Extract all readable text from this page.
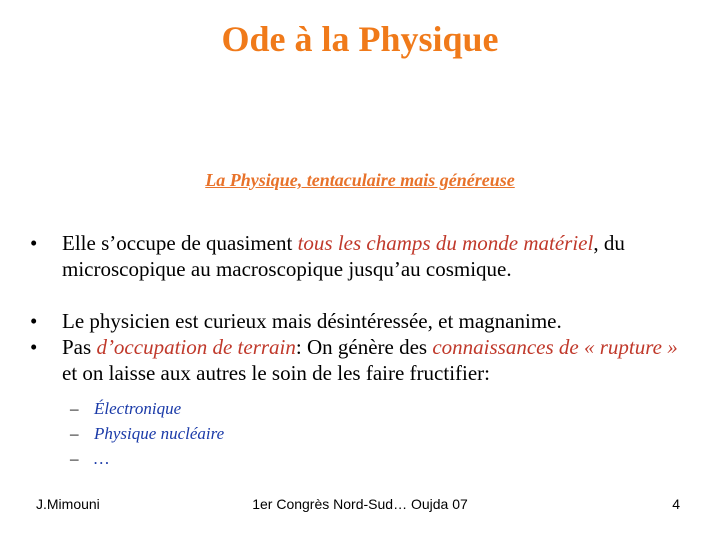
Ode à la Physique
La Physique, tentaculaire mais généreuse
• Elle s’occupe de quasiment tous les champs du monde matériel, du microscopique au macroscopique jusqu’au cosmique.
• Le physicien est curieux mais désintéressée, et magnanime.
• Pas d’occupation de terrain: On génère des connaissances de « rupture » et on laisse aux autres le soin de les faire fructifier:
– Électronique
– Physique nucléaire
– …
J.Mimouni	1er Congrès Nord-Sud… Oujda 07	4
